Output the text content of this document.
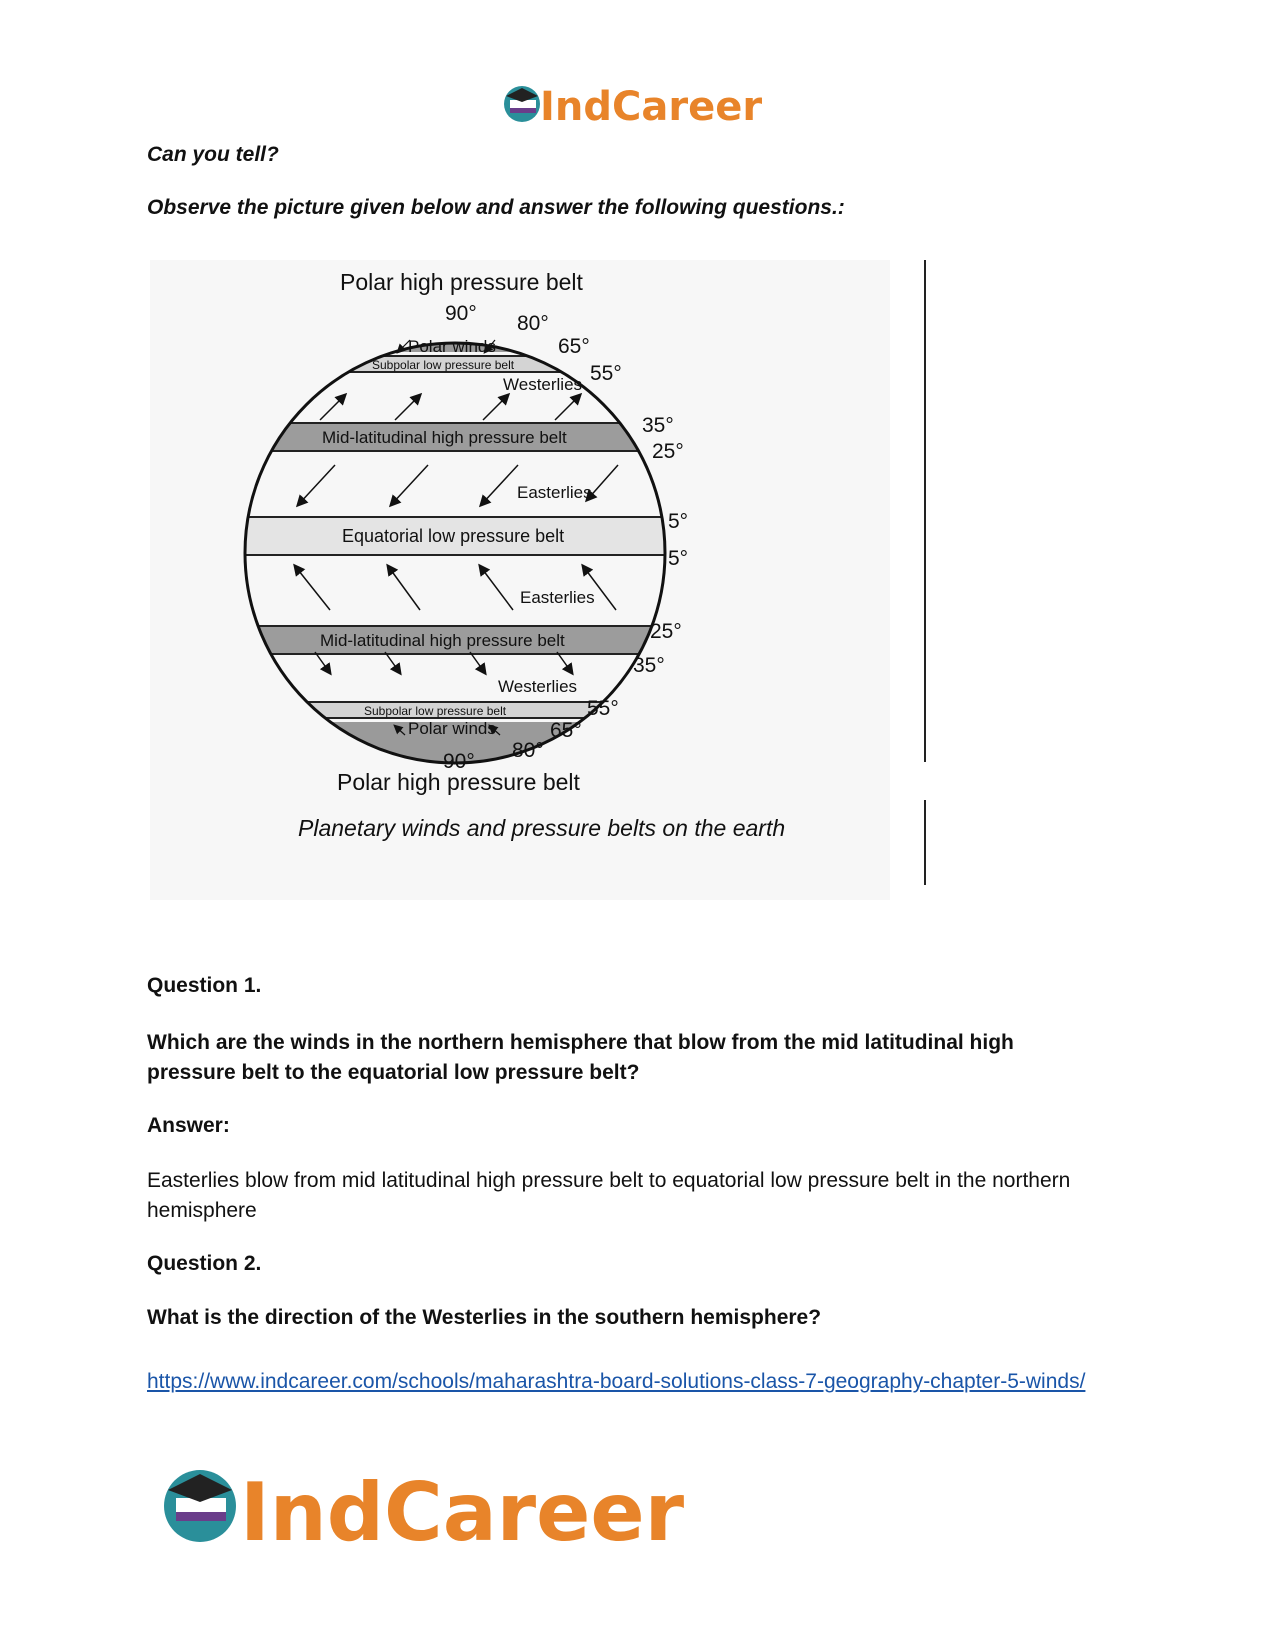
IndCareer
Can you tell?
Observe the picture given below and answer the following questions.:
Polar high pressure belt
90° 80°
65°
55°
35°
25°
5°
5°
25°
35°
55°
65°
80°
90°
Polar winds
Subpolar low pressure belt
Westerlies
Mid-latitudinal high pressure belt
Easterlies
Equatorial low pressure belt
Easterlies
Mid-latitudinal high pressure belt
Westerlies
Subpolar low pressure belt
Polar winds
Polar high pressure belt
Planetary winds and pressure belts on the earth
Question 1.
Which are the winds in the northern hemisphere that blow from the mid latitudinal high pressure belt to the equatorial low pressure belt?
Answer:
Easterlies blow from mid latitudinal high pressure belt to equatorial low pressure belt in the northern hemisphere
Question 2.
What is the direction of the Westerlies in the southern hemisphere?
https://www.indcareer.com/schools/maharashtra-board-solutions-class-7-geography-chapter-5-winds/
IndCareer
